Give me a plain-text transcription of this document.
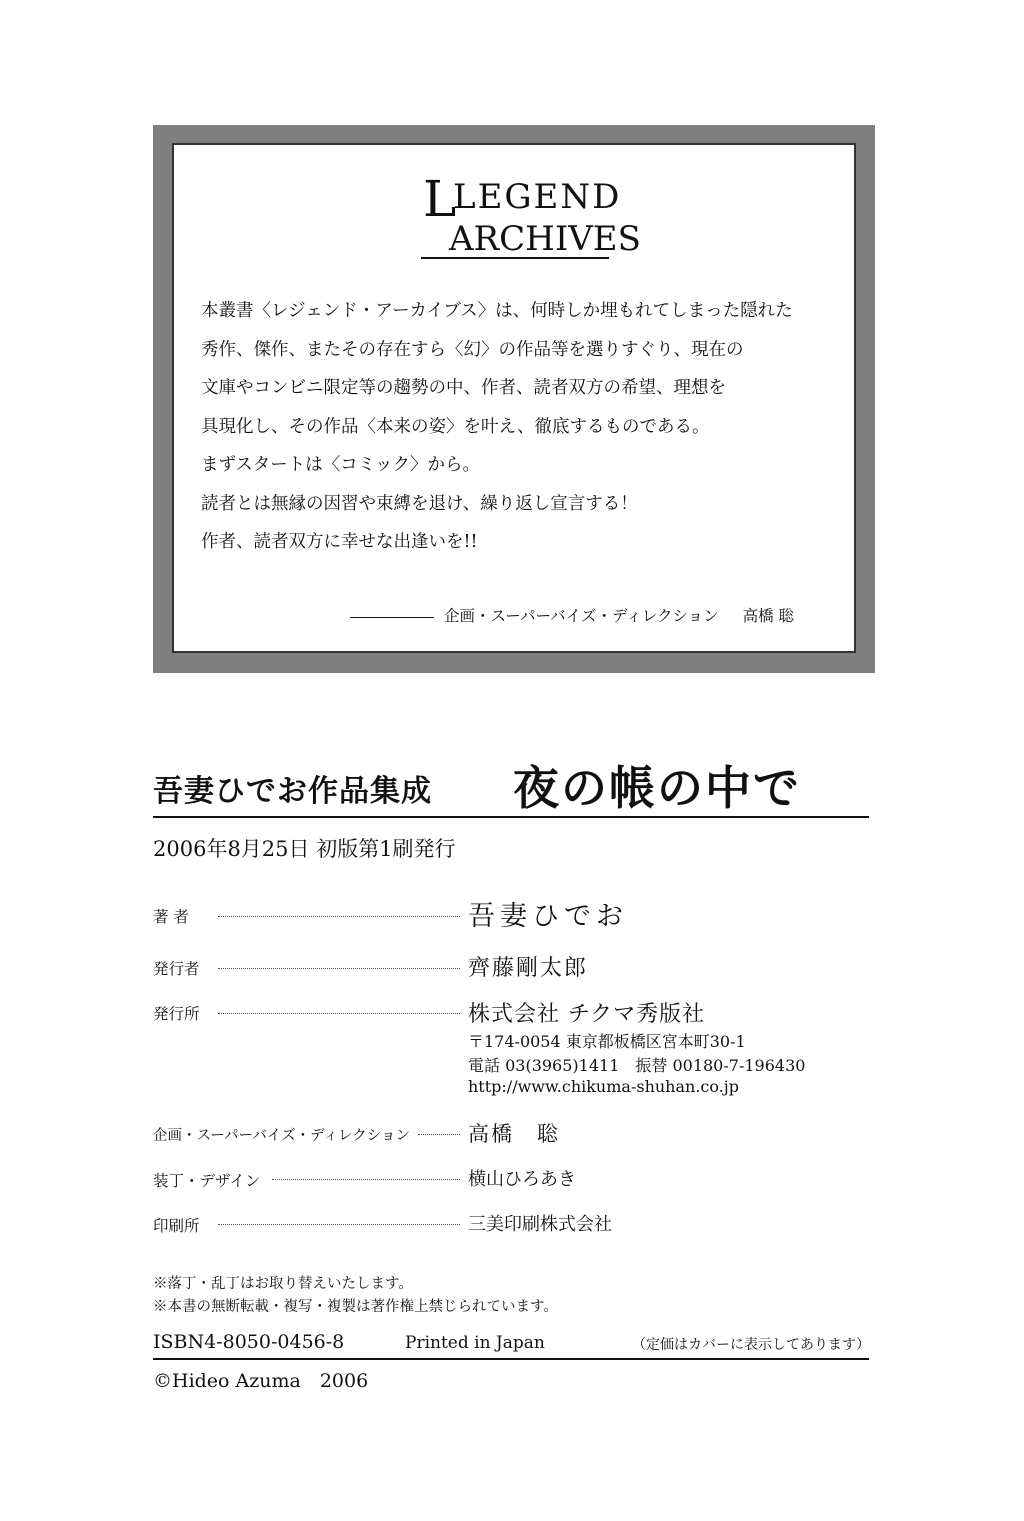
L
LEGEND
ARCHIVES

本叢書〈レジェンド・アーカイブス〉は、何時しか埋もれてしまった隠れた

秀作、傑作、またその存在すら〈幻〉の作品等を選りすぐり、現在の

文庫やコンビニ限定等の趨勢の中、作者、読者双方の希望、理想を

具現化し、その作品〈本来の姿〉を叶え、徹底するものである。

まずスタートは〈コミック〉から。

読者とは無縁の因習や束縛を退け、繰り返し宣言する！

作者、読者双方に幸せな出逢いを!!

企画・スーパーバイズ・ディレクション 高橋 聡
吾妻ひでお作品集成 夜の帳の中で
2006年8月25日 初版第1刷発行
著 者	吾妻ひでお
発行者	齊藤剛太郎
発行所	株式会社 チクマ秀版社
〒174-0054 東京都板橋区宮本町30-1
電話 03(3965)1411　振替 00180-7-196430
http://www.chikuma-shuhan.co.jp
企画・スーパーバイズ・ディレクション	高橋　聡
装丁・デザイン	横山ひろあき
印刷所	三美印刷株式会社
※落丁・乱丁はお取り替えいたします。
※本書の無断転載・複写・複製は著作権上禁じられています。
ISBN4-8050-0456-8	Printed in Japan	（定価はカバーに表示してあります）
©Hideo Azuma　2006
